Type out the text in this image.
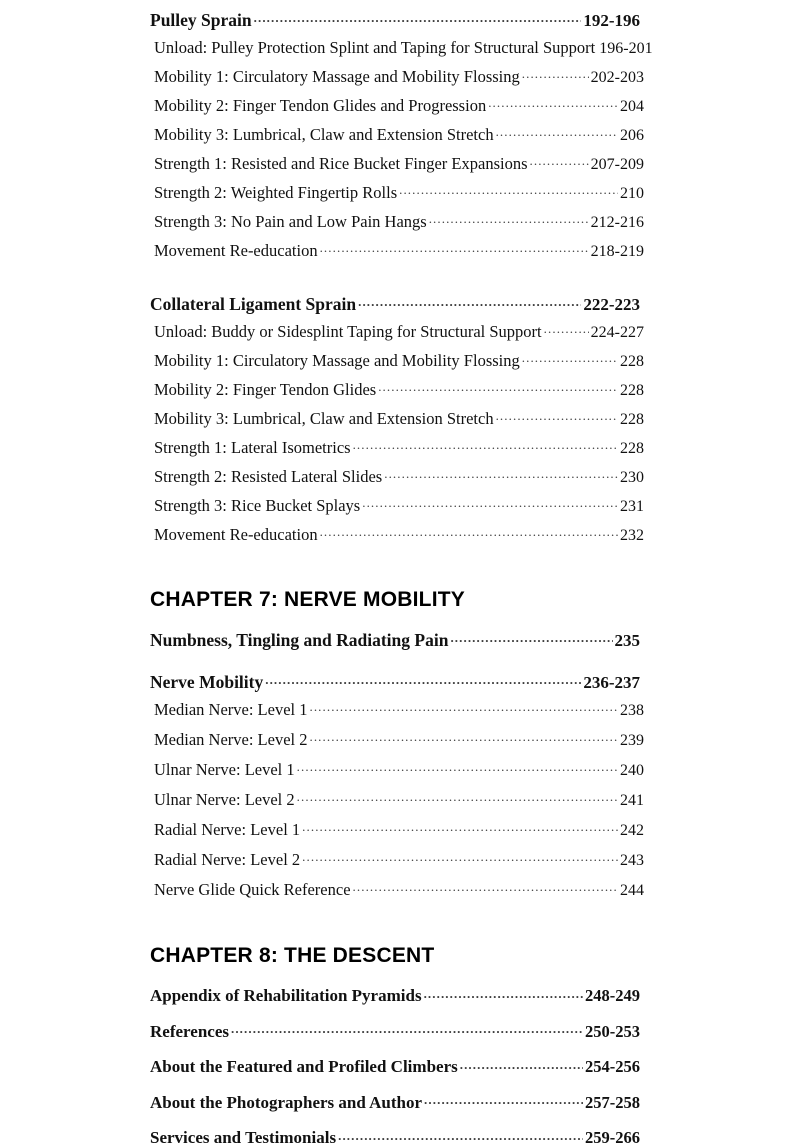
Pulley Sprain .....	192-196
Unload: Pulley Protection Splint and Taping for Structural Support 196-201
Mobility 1: Circulatory Massage and Mobility Flossing .....	202-203
Mobility 2: Finger Tendon Glides and Progression .....	204
Mobility 3: Lumbrical, Claw and Extension Stretch .....	206
Strength 1: Resisted and Rice Bucket Finger Expansions .....	207-209
Strength 2: Weighted Fingertip Rolls .....	210
Strength 3: No Pain and Low Pain Hangs .....	212-216
Movement Re-education .....	218-219
Collateral Ligament Sprain .....	222-223
Unload: Buddy or Sidesplint Taping for Structural Support .....	224-227
Mobility 1: Circulatory Massage and Mobility Flossing .....	228
Mobility 2: Finger Tendon Glides .....	228
Mobility 3: Lumbrical, Claw and Extension Stretch .....	228
Strength 1: Lateral Isometrics .....	228
Strength 2: Resisted Lateral Slides .....	230
Strength 3: Rice Bucket Splays .....	231
Movement Re-education .....	232
CHAPTER 7: NERVE MOBILITY
Numbness, Tingling and Radiating Pain .....	235
Nerve Mobility .....	236-237
Median Nerve: Level 1 .....	238
Median Nerve: Level 2 .....	239
Ulnar Nerve: Level 1 .....	240
Ulnar Nerve: Level 2 .....	241
Radial Nerve: Level 1 .....	242
Radial Nerve: Level 2 .....	243
Nerve Glide Quick Reference .....	244
CHAPTER 8: THE DESCENT
Appendix of Rehabilitation Pyramids .....	248-249
References .....	250-253
About the Featured and Profiled Climbers .....	254-256
About the Photographers and Author .....	257-258
Services and Testimonials .....	259-266
